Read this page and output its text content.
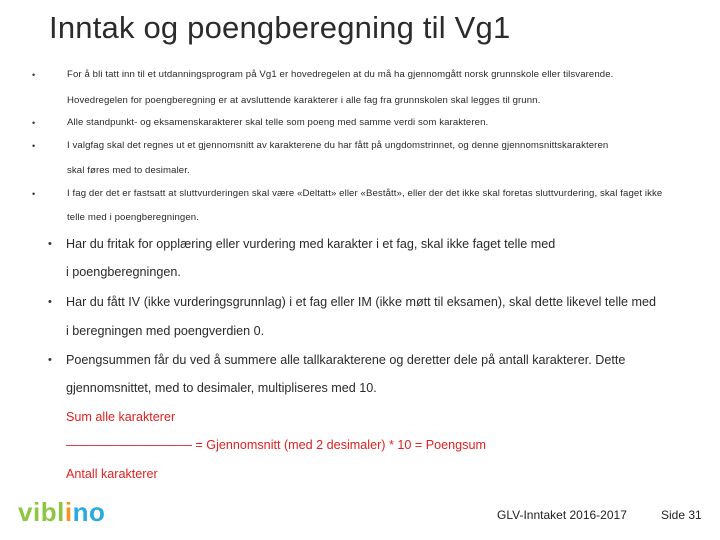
Inntak og poengberegning til Vg1
•	For å bli tatt inn til et utdanningsprogram på Vg1 er hovedregelen at du må ha gjennomgått norsk grunnskole eller tilsvarende.
Hovedregelen for poengberegning er at avsluttende karakterer i alle fag fra grunnskolen skal legges til grunn.
•	Alle standpunkt- og eksamenskarakterer skal telle som poeng med samme verdi som karakteren.
•	I valgfag skal det regnes ut et gjennomsnitt av karakterene du har fått på ungdomstrinnet, og denne gjennomsnittskarakteren
skal føres med to desimaler.
•	I fag der det er fastsatt at sluttvurderingen skal være «Deltatt» eller «Bestått», eller der det ikke skal foretas sluttvurdering, skal faget ikke
telle med i poengberegningen.
• Har du fritak for opplæring eller vurdering med karakter i et fag, skal ikke faget telle med
i poengberegningen.
• Har du fått IV (ikke vurderingsgrunnlag) i et fag eller IM (ikke møtt til eksamen), skal dette likevel telle med
i beregningen med poengverdien 0.
• Poengsummen får du ved å summere alle tallkarakterene og deretter dele på antall karakterer. Dette
gjennomsnittet, med to desimaler, multipliseres med 10.
Sum alle karakterer
—————————— = Gjennomsnitt (med 2 desimaler) * 10 = Poengsum
Antall karakterer
viblino	GLV-Inntaket 2016-2017	Side 31
